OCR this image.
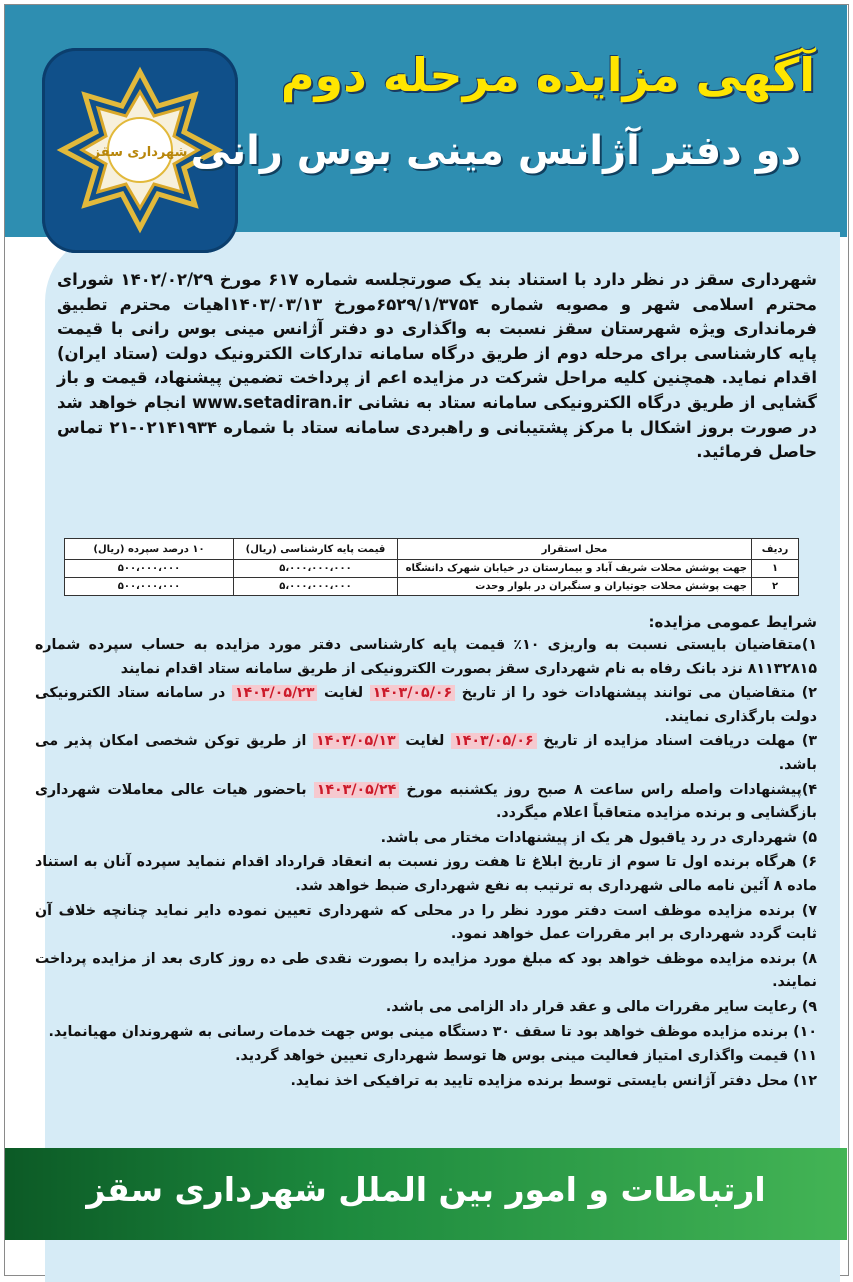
شهرداری سقز
آگهی مزایده مرحله دوم
دو دفتر آژانس مینی بوس رانی
شهرداری سقز در نظر دارد با استناد بند یک صورتجلسه شماره ۶۱۷ مورخ ۱۴۰۲/۰۲/۲۹ شورای محترم اسلامی شهر و مصوبه شماره ۶۵۲۹/۱/۳۷۵۴مورخ ۱۴۰۳/۰۳/۱۳اهیات محترم تطبیق فرمانداری ویژه شهرستان سقز نسبت به واگذاری دو دفتر آژانس مینی بوس رانی با قیمت پایه کارشناسی برای مرحله دوم از طریق درگاه سامانه تدارکات الکترونیک دولت (ستاد ایران) اقدام نماید. همچنین کلیه مراحل شرکت در مزایده اعم از پرداخت تضمین پیشنهاد، قیمت و باز گشایی از طریق درگاه الکترونیکی سامانه ستاد به نشانی www.setadiran.ir انجام خواهد شد در صورت بروز اشکال با مرکز پشتیبانی و راهبردی سامانه ستاد با شماره ۰۲۱۴۱۹۳۴-۲۱ تماس حاصل فرمائید.
ردیف	محل استقرار	قیمت پایه کارشناسی (ریال)	۱۰ درصد سپرده (ریال)
۱	جهت پوشش محلات شریف آباد و بیمارستان در خیابان شهرک دانشگاه	۵،۰۰۰،۰۰۰،۰۰۰	۵۰۰،۰۰۰،۰۰۰
۲	جهت پوشش محلات جوتیاران و سنگبران در بلوار وحدت	۵،۰۰۰،۰۰۰،۰۰۰	۵۰۰،۰۰۰،۰۰۰
شرایط عمومی مزایده:

۱)متقاضیان بایستی نسبت به واریزی ۱۰٪ قیمت پایه کارشناسی دفتر مورد مزایده به حساب سپرده شماره ۸۱۱۳۲۸۱۵ نزد بانک رفاه به نام شهرداری سقز بصورت الکترونیکی از طریق سامانه ستاد اقدام نمایند

۲) متقاضیان می توانند پیشنهادات خود را از تاریخ ۱۴۰۳/۰۵/۰۶ لغایت ۱۴۰۳/۰۵/۲۳ در سامانه ستاد الکترونیکی دولت بارگذاری نمایند.

۳) مهلت دریافت اسناد مزایده از تاریخ ۱۴۰۳/۰۵/۰۶ لغایت ۱۴۰۳/۰۵/۱۳ از طریق توکن شخصی امکان پذیر می باشد.

۴)پیشنهادات واصله راس ساعت ۸ صبح روز یکشنبه مورخ ۱۴۰۳/۰۵/۲۴ باحضور هیات عالی معاملات شهرداری بازگشایی و برنده مزایده متعاقباً اعلام میگردد.

۵) شهرداری در رد یاقبول هر یک از پیشنهادات مختار می باشد.

۶) هرگاه برنده اول تا سوم از تاریخ ابلاغ تا هفت روز نسبت به انعقاد قرارداد اقدام ننماید سپرده آنان به استناد ماده ۸ آئین نامه مالی شهرداری به ترتیب به نفع شهرداری ضبط خواهد شد.

۷) برنده مزایده موظف است دفتر مورد نظر را در محلی که شهرداری تعیین نموده دایر نماید چنانچه خلاف آن ثابت گردد شهرداری بر ابر مقررات عمل خواهد نمود.

۸) برنده مزایده موظف خواهد بود که مبلغ مورد مزایده را بصورت نقدی طی ده روز کاری بعد از مزایده پرداخت نمایند.

۹) رعایت سایر مقررات مالی و عقد قرار داد الزامی می باشد.

۱۰) برنده مزایده موظف خواهد بود تا سقف ۳۰ دستگاه مینی بوس جهت خدمات رسانی به شهروندان مهیانماید.

۱۱) قیمت واگذاری امتیاز فعالیت مینی بوس ها توسط شهرداری تعیین خواهد گردید.

۱۲) محل دفتر آژانس بایستی توسط برنده مزایده تایید به ترافیکی اخذ نماید.

ارتباطات و امور بین الملل شهرداری سقز
